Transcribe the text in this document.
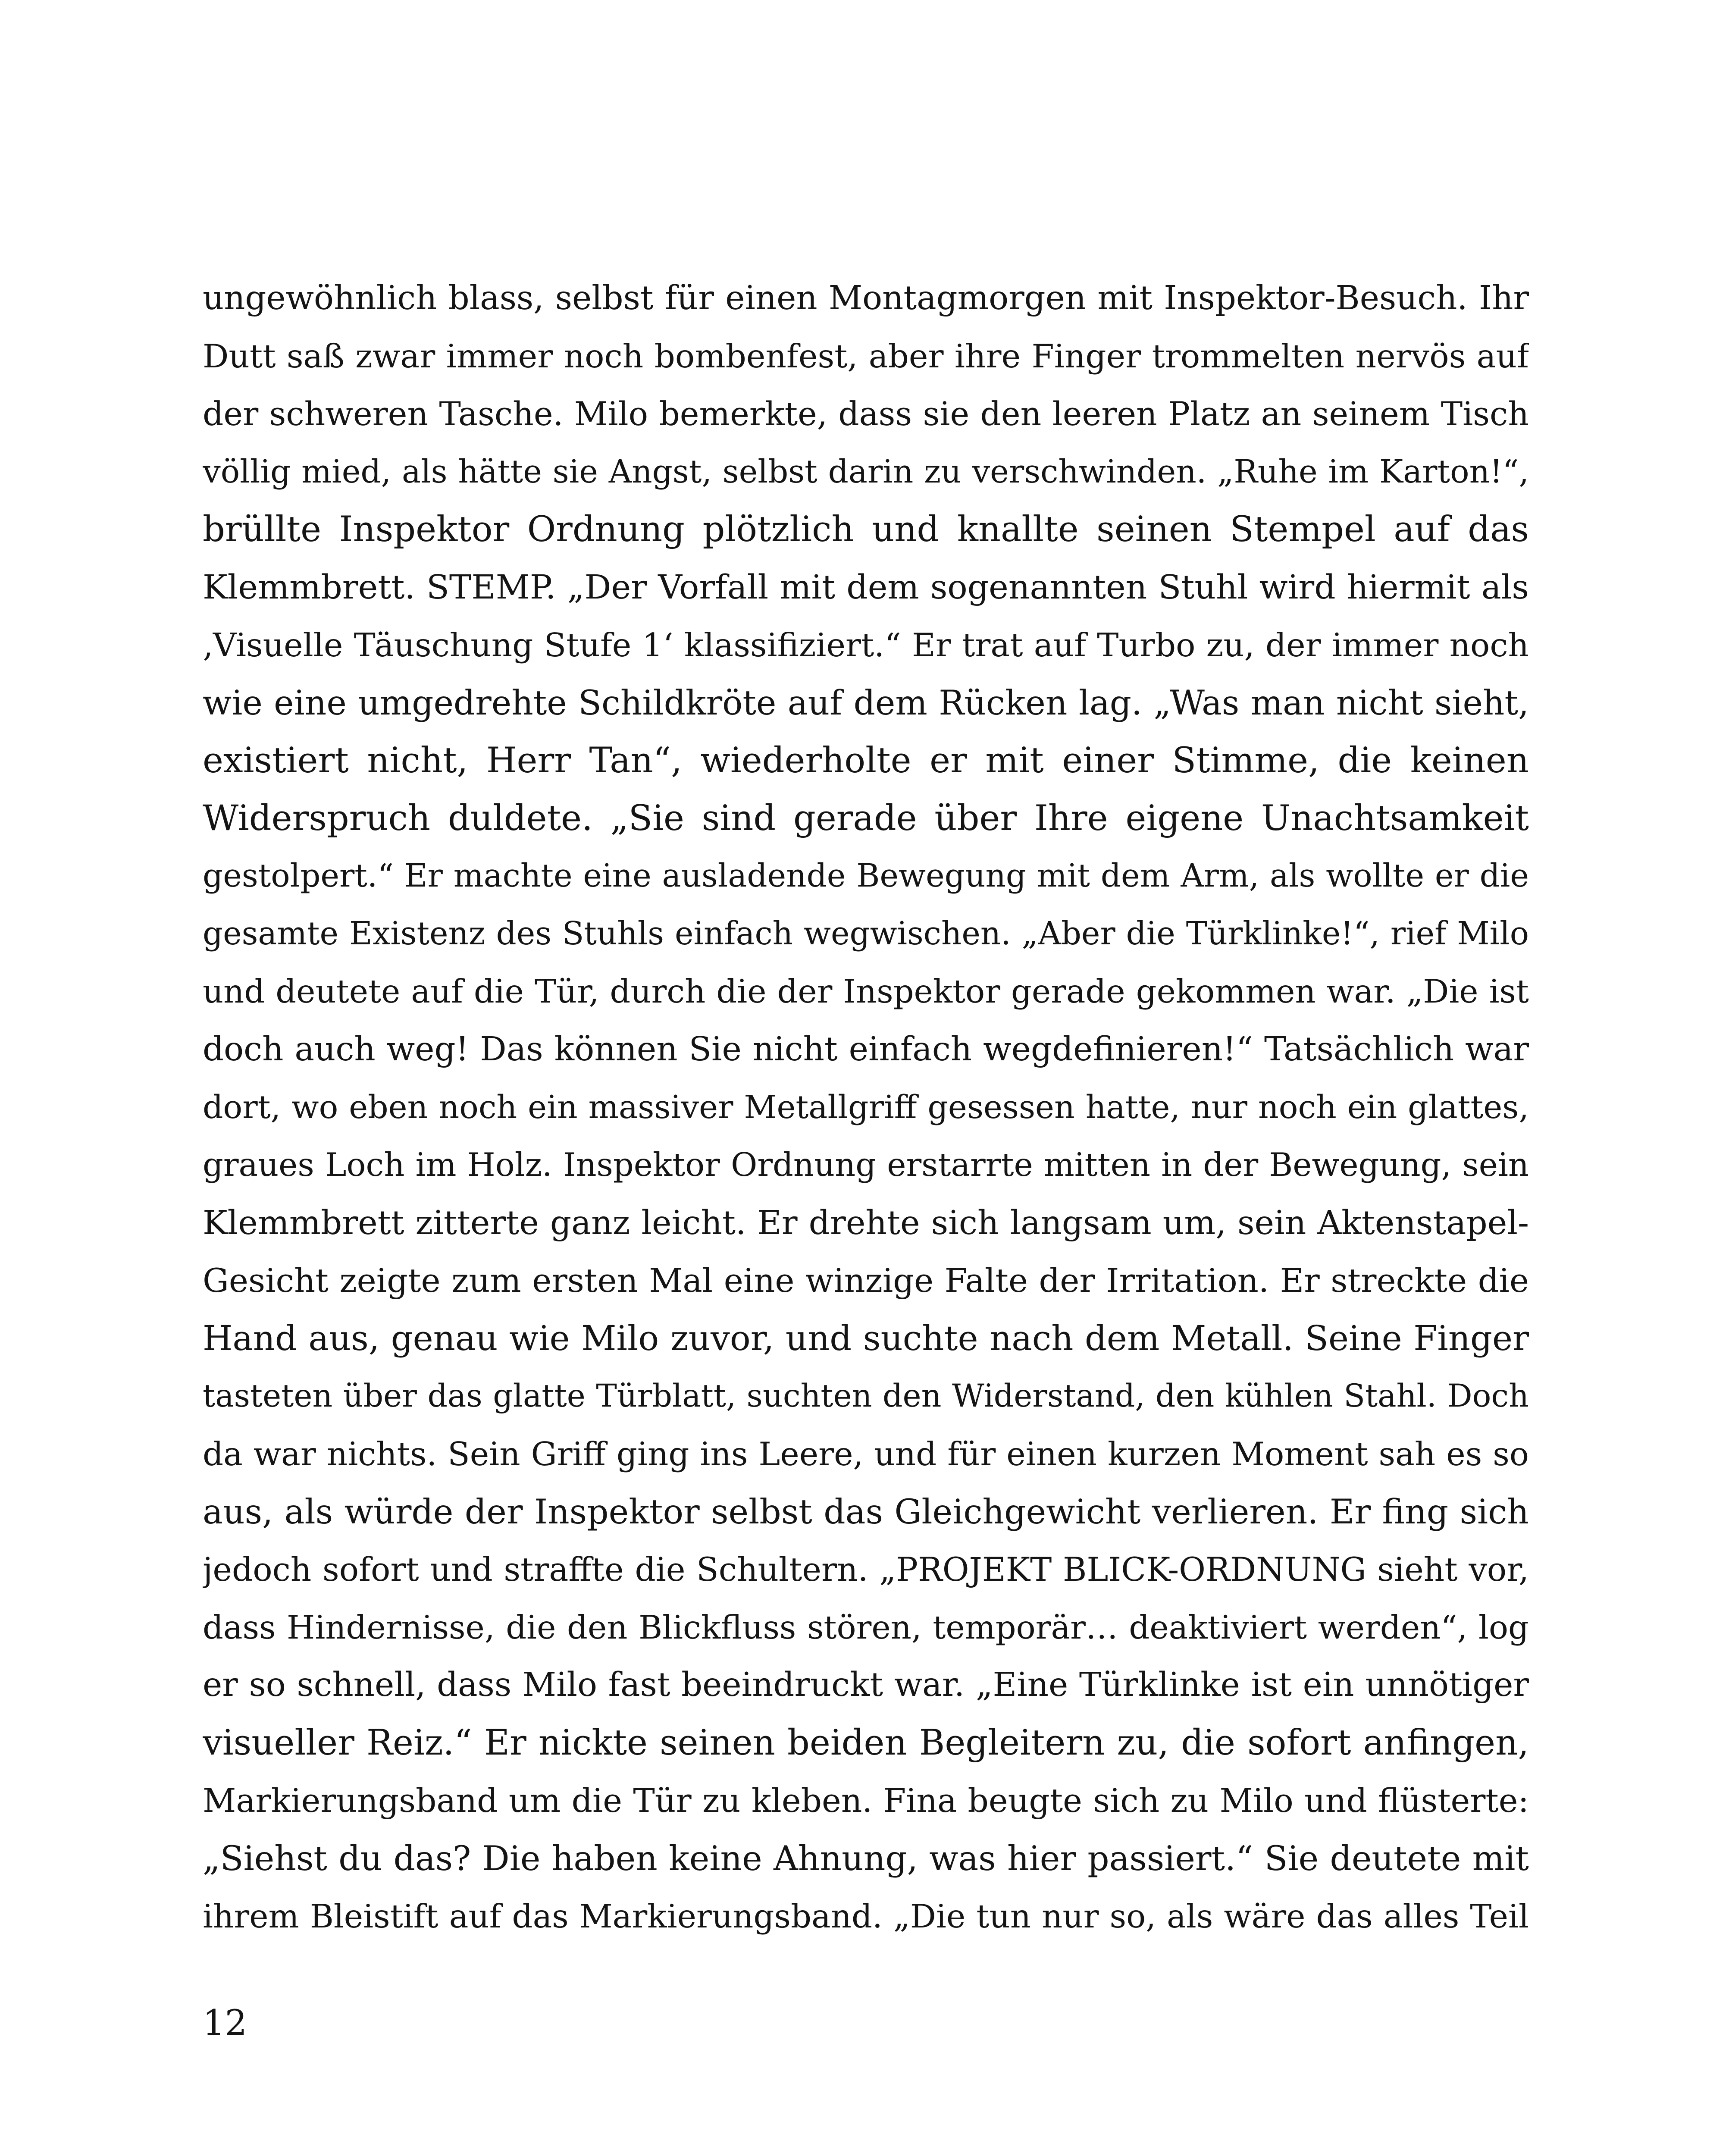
ungewöhnlich blass, selbst für einen Montagmorgen mit Inspektor-Besuch. Ihr
Dutt saß zwar immer noch bombenfest, aber ihre Finger trommelten nervös auf
der schweren Tasche. Milo bemerkte, dass sie den leeren Platz an seinem Tisch
völlig mied, als hätte sie Angst, selbst darin zu verschwinden. „Ruhe im Karton!“,
brüllte Inspektor Ordnung plötzlich und knallte seinen Stempel auf das
Klemmbrett. STEMP. „Der Vorfall mit dem sogenannten Stuhl wird hiermit als
‚Visuelle Täuschung Stufe 1‘ klassifiziert.“ Er trat auf Turbo zu, der immer noch
wie eine umgedrehte Schildkröte auf dem Rücken lag. „Was man nicht sieht,
existiert nicht, Herr Tan“, wiederholte er mit einer Stimme, die keinen
Widerspruch duldete. „Sie sind gerade über Ihre eigene Unachtsamkeit
gestolpert.“ Er machte eine ausladende Bewegung mit dem Arm, als wollte er die
gesamte Existenz des Stuhls einfach wegwischen. „Aber die Türklinke!“, rief Milo
und deutete auf die Tür, durch die der Inspektor gerade gekommen war. „Die ist
doch auch weg! Das können Sie nicht einfach wegdefinieren!“ Tatsächlich war
dort, wo eben noch ein massiver Metallgriff gesessen hatte, nur noch ein glattes,
graues Loch im Holz. Inspektor Ordnung erstarrte mitten in der Bewegung, sein
Klemmbrett zitterte ganz leicht. Er drehte sich langsam um, sein Aktenstapel-
Gesicht zeigte zum ersten Mal eine winzige Falte der Irritation. Er streckte die
Hand aus, genau wie Milo zuvor, und suchte nach dem Metall. Seine Finger
tasteten über das glatte Türblatt, suchten den Widerstand, den kühlen Stahl. Doch
da war nichts. Sein Griff ging ins Leere, und für einen kurzen Moment sah es so
aus, als würde der Inspektor selbst das Gleichgewicht verlieren. Er fing sich
jedoch sofort und straffte die Schultern. „PROJEKT BLICK-ORDNUNG sieht vor,
dass Hindernisse, die den Blickfluss stören, temporär… deaktiviert werden“, log
er so schnell, dass Milo fast beeindruckt war. „Eine Türklinke ist ein unnötiger
visueller Reiz.“ Er nickte seinen beiden Begleitern zu, die sofort anfingen,
Markierungsband um die Tür zu kleben. Fina beugte sich zu Milo und flüsterte:
„Siehst du das? Die haben keine Ahnung, was hier passiert.“ Sie deutete mit
ihrem Bleistift auf das Markierungsband. „Die tun nur so, als wäre das alles Teil
12
